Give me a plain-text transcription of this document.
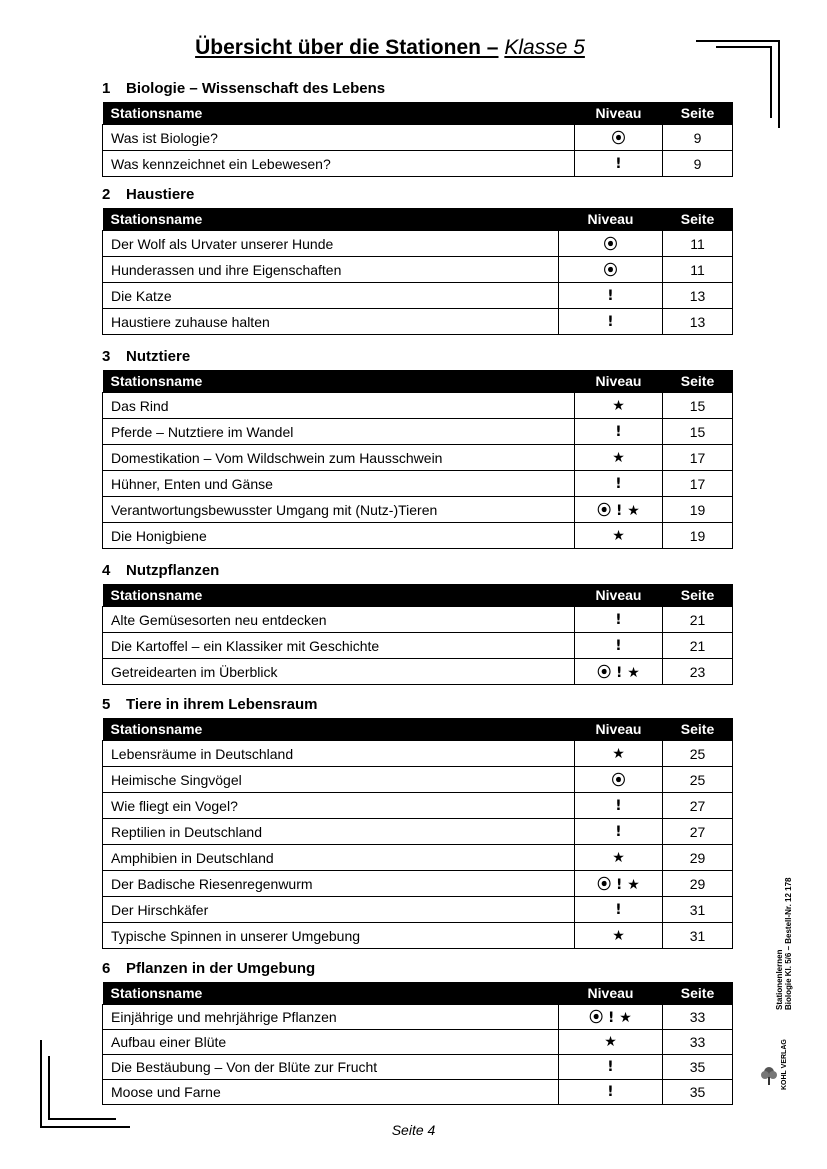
Übersicht über die Stationen – Klasse 5
1 Biologie – Wissenschaft des Lebens
Stationsname	Niveau	Seite
Was ist Biologie?	⦿	9
Was kennzeichnet ein Lebewesen?	!	9
2 Haustiere
Stationsname	Niveau	Seite
Der Wolf als Urvater unserer Hunde	⦿	11
Hunderassen und ihre Eigenschaften	⦿	11
Die Katze	!	13
Haustiere zuhause halten	!	13
3 Nutztiere
Stationsname	Niveau	Seite
Das Rind	★	15
Pferde – Nutztiere im Wandel	!	15
Domestikation – Vom Wildschwein zum Hausschwein	★	17
Hühner, Enten und Gänse	!	17
Verantwortungsbewusster Umgang mit (Nutz-)Tieren	⦿ ! ★	19
Die Honigbiene	★	19
4 Nutzpflanzen
Stationsname	Niveau	Seite
Alte Gemüsesorten neu entdecken	!	21
Die Kartoffel – ein Klassiker mit Geschichte	!	21
Getreidearten im Überblick	⦿ ! ★	23
5 Tiere in ihrem Lebensraum
Stationsname	Niveau	Seite
Lebensräume in Deutschland	★	25
Heimische Singvögel	⦿	25
Wie fliegt ein Vogel?	!	27
Reptilien in Deutschland	!	27
Amphibien in Deutschland	★	29
Der Badische Riesenregenwurm	⦿ ! ★	29
Der Hirschkäfer	!	31
Typische Spinnen in unserer Umgebung	★	31
6 Pflanzen in der Umgebung
Stationsname	Niveau	Seite
Einjährige und mehrjährige Pflanzen	⦿ ! ★	33
Aufbau einer Blüte	★	33
Die Bestäubung – Von der Blüte zur Frucht	!	35
Moose und Farne	!	35
Seite 4
Stationenlernen Biologie Kl. 5/6 – Bestell-Nr. 12 178
KOHL VERLAG
